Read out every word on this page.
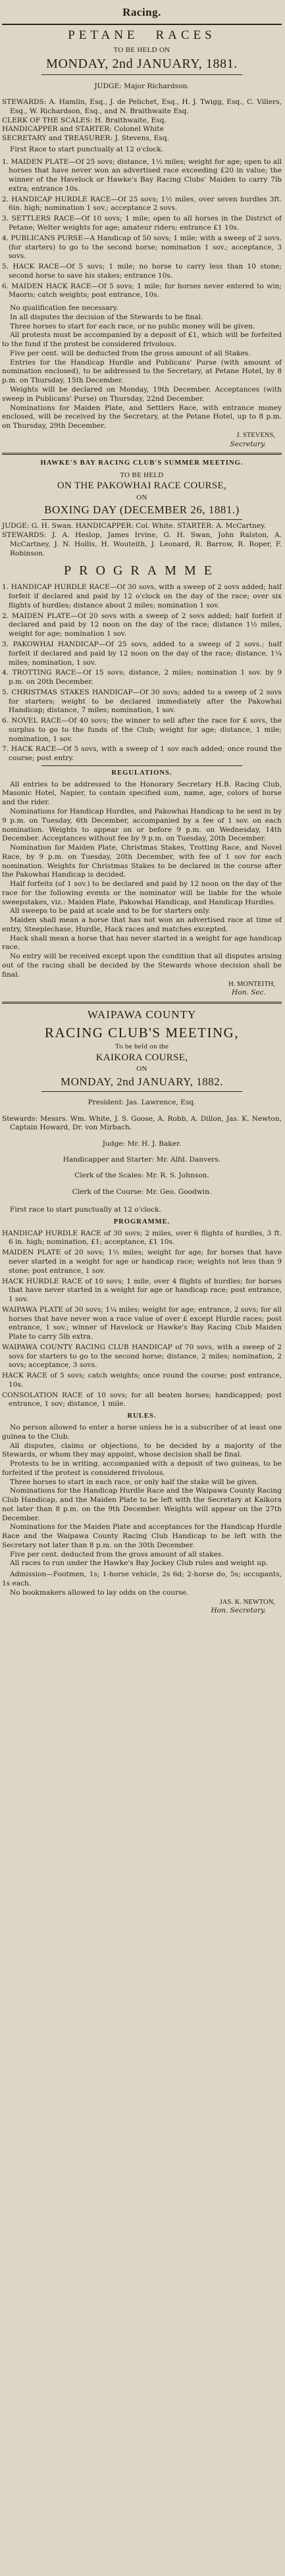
Racing.
PETANE RACES
TO BE HELD ON
MONDAY, 2nd JANUARY, 1881.

JUDGE: Major Richardson.

STEWARDS: A. Hamlin, Esq., J. de Pelichet, Esq., H. J. Twigg, Esq., C. Villers, Esq., W. Richardson, Esq., and N. Braithwaite Esq.

CLERK OF THE SCALES: H. Braithwaite, Esq.

HANDICAPPER and STARTER: Colonel White

SECRETARY and TREASURER: J. Stevens, Esq.

First Race to start punctually at 12 o'clock.

1. MAIDEN PLATE—Of 25 sovs; distance, 1½ miles; weight for age; open to all horses that have never won an advertised race exceeding £20 in value; the winner of the Havelock or Hawke's Bay Racing Clubs' Maiden to carry 7lb extra; entrance 10s.

2. HANDICAP HURDLE RACE—Of 25 sovs; 1½ miles, over seven hurdles 3ft. 6in. high; nomination 1 sov.; acceptance 2 sovs.

3. SETTLERS RACE—Of 10 sovs; 1 mile; open to all horses in the District of Petane; Welter weights for age; amateur riders; entrance £1 10s.

4. PUBLICANS PURSE—A Handicap of 50 sovs; 1 mile; with a sweep of 2 sovs. (for starters) to go to the second horse; nomination 1 sov.; acceptance, 3 sovs.

5. HACK RACE—Of 5 sovs; 1 mile; no horse to carry less than 10 stone; second horse to save his stakes; entrance 10s.

6. MAIDEN HACK RACE—Of 5 sovs; 1 mile; for horses never entered to win; Maoris; catch weights; post entrance, 10s.

No qualification fee necessary.

In all disputes the decision of the Stewards to be final.

Three horses to start for each race, or no public money will be given.

All protests must be accompanied by a deposit of £1, which will be forfeited to the fund if the protest be considered frivolous.

Five per cent. will be deducted from the gross amount of all Stakes.

Entries for the Handicap Hurdle and Publicans' Purse (with amount of nomination enclosed), to be addressed to the Secretary, at Petane Hotel, by 8 p.m. on Thursday, 15th December.

Weights will be declared on Monday, 19th December. Acceptances (with sweep in Publicans' Purse) on Thursday, 22nd December.

Nominations for Maiden Plate, and Settlers Race, with entrance money enclosed, will be received by the Secretary, at the Petane Hotel, up to 8 p.m. on Thursday, 29th December.

J. STEVENS,
Secretary.
HAWKE'S BAY RACING CLUB'S SUMMER MEETING.
TO BE HELD
ON THE PAKOWHAI RACE COURSE,
ON
BOXING DAY (DECEMBER 26, 1881.)

JUDGE: G. H. Swan. HANDICAPPER: Col. White. STARTER: A. McCartney.

STEWARDS: J. A. Heslop, James Irvine, G. H. Swan, John Ralston, A. McCartney, J. N. Hollis, H. Wouteith, J. Leonard, R. Barrow, R. Roper, F. Robinson.

PROGRAMME

1. HANDICAP HURDLE RACE—Of 30 sovs, with a sweep of 2 sovs added; half forfeit if declared and paid by 12 o'clock on the day of the race; over six flights of hurdles; distance about 2 miles; nomination 1 sov.

2. MAIDEN PLATE—Of 20 sovs with a sweep of 2 sovs added; half forfeit if declared and paid by 12 noon on the day of the race; distance 1½ miles, weight for age; nomination 1 sov.

3. PAKOWHAI HANDICAP—Of 25 sovs, added to a sweep of 2 sovs.; half forfeit if declared and paid by 12 noon on the day of the race; distance, 1¼ miles; nomination, 1 sov.

4. TROTTING RACE—Of 15 sovs; distance, 2 miles; nomination 1 sov. by 9 p.m. on 20th December.

5. CHRISTMAS STAKES HANDICAP—Of 30 sovs; added to a sweep of 2 sovs for starters; weight to be declared immediately after the Pakowhai Handicap; distance, 7 miles; nomination, 1 sov.

6. NOVEL RACE—Of 40 sovs; the winner to sell after the race for £ sovs, the surplus to go to the funds of the Club; weight for age; distance, 1 mile; nomination, 1 sov.

7. HACK RACE—Of 5 sovs, with a sweep of 1 sov each added; once round the course; post entry.

REGULATIONS.

All entries to be addressed to the Honorary Secretary H.B. Racing Club, Masonic Hotel, Napier, to contain specified sum, name, age, colors of horse and the rider.

Nominations for Handicap Hurdles, and Pakowhai Handicap to be sent in by 9 p.m. on Tuesday, 6th December, accompanied by a fee of 1 sov. on each nomination. Weights to appear on or before 9 p.m. on Wednesday, 14th December. Acceptances without fee by 9 p.m. on Tuesday, 20th December.

Nomination for Maiden Plate, Christmas Stakes, Trotting Race, and Novel Race, by 9 p.m. on Tuesday, 20th December, with fee of 1 sov for each nomination. Weights for Christmas Stakes to be declared in the course after the Pakowhai Handicap is decided.

Half forfeits (of 1 sov.) to be declared and paid by 12 noon on the day of the race for the following events or the nominator will be liable for the whole sweepstakes, viz.: Maiden Plate, Pakowhai Handicap, and Handicap Hurdles.

All sweeps to be paid at scale and to be for starters only.

Maiden shall mean a horse that has not won an advertised race at time of entry, Steeplechase, Hurdle, Hack races and matches excepted.

Hack shall mean a horse that has never started in a weight for age handicap race.

No entry will be received except upon the condition that all disputes arising out of the racing shall be decided by the Stewards whose decision shall be final.

H. MONTEITH,
Hon. Sec.
WAIPAWA COUNTY
RACING CLUB'S MEETING,
To be held on the
KAIKORA COURSE,
ON
MONDAY, 2nd JANUARY, 1882.

President: Jas. Lawrence, Esq.

Stewards: Messrs. Wm. White, J. S. Goose, A. Robb, A. Dillon, Jas. K. Newton, Captain Howard, Dr. von Mirbach.

Judge: Mr. H. J. Baker.

Handicapper and Starter: Mr. Alfd. Danvers.

Clerk of the Scales: Mr. R. S. Johnson.

Clerk of the Course: Mr. Geo. Goodwin.

First race to start punctually at 12 o'clock.

PROGRAMME.

HANDICAP HURDLE RACE of 30 sovs; 2 miles, over 6 flights of hurdles, 3 ft. 6 in. high; nomination, £1; acceptance, £1 10s.

MAIDEN PLATE of 20 sovs; 1½ miles; weight for age; for horses that have never started in a weight for age or handicap race; weights not less than 9 stone; post entrance, 1 sov.

HACK HURDLE RACE of 10 sovs; 1 mile, over 4 flights of hurdles; for horses that have never started in a weight for age or handicap race; post entrance, 1 sov.

WAIPAWA PLATE of 30 sovs; 1¼ miles; weight for age; entrance, 2 sovs; for all horses that have never won a race value of over £ except Hurdle races; post entrance, 1 sov.; winner of Havelock or Hawke's Bay Racing Club Maiden Plate to carry 5lb extra.

WAIPAWA COUNTY RACING CLUB HANDICAP of 70 sovs, with a sweep of 2 sovs for starters to go to the second horse; distance, 2 miles; nomination, 2 sovs; acceptance, 3 sovs.

HACK RACE of 5 sovs; catch weights; once round the course; post entrance, 10s.

CONSOLATION RACE of 10 sovs; for all beaten horses; handicapped; post entrance, 1 sov; distance, 1 mile.

RULES.

No person allowed to enter a horse unless he is a subscriber of at least one guinea to the Club.

All disputes, claims or objections, to be decided by a majority of the Stewards, or whom they may appoint, whose decision shall be final.

Protests to be in writing, accompanied with a deposit of two guineas, to be forfeited if the protest is considered frivolous.

Three horses to start in each race, or only half the stake will be given.

Nominations for the Handicap Hurdle Race and the Waipawa County Racing Club Handicap, and the Maiden Plate to be left with the Secretary at Kaikora not later than 8 p.m. on the 9th December. Weights will appear on the 27th December.

Nominations for the Maiden Plate and acceptances for the Handicap Hurdle Race and the Waipawa County Racing Club Handicap to be left with the Secretary not later than 8 p.m. on the 30th December.

Five per cent. deducted from the gross amount of all stakes.

All races to run under the Hawke's Bay Jockey Club rules and weight up.

Admission—Footmen, 1s; 1-horse vehicle, 2s 6d; 2-horse do, 5s; occupants, 1s each.

No bookmakers allowed to lay odds on the course.

JAS. K. NEWTON,
Hon. Secretary.
